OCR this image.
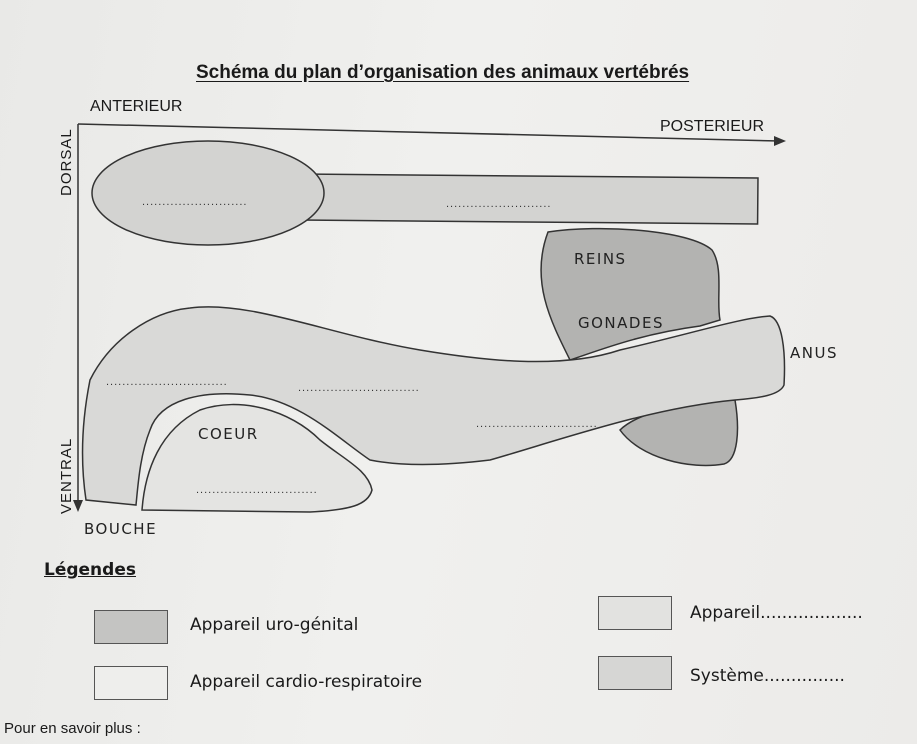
Schéma du plan d’organisation des animaux vertébrés
ANTERIEUR
POSTERIEUR
DORSAL
VENTRAL
REINS
GONADES
ANUS
COEUR
BOUCHE
..........................	..........................
..............................	..............................
..............................
..............................
Légendes
Appareil uro-génital
Appareil cardio-respiratoire
Appareil...................
Système...............
Pour en savoir plus :
